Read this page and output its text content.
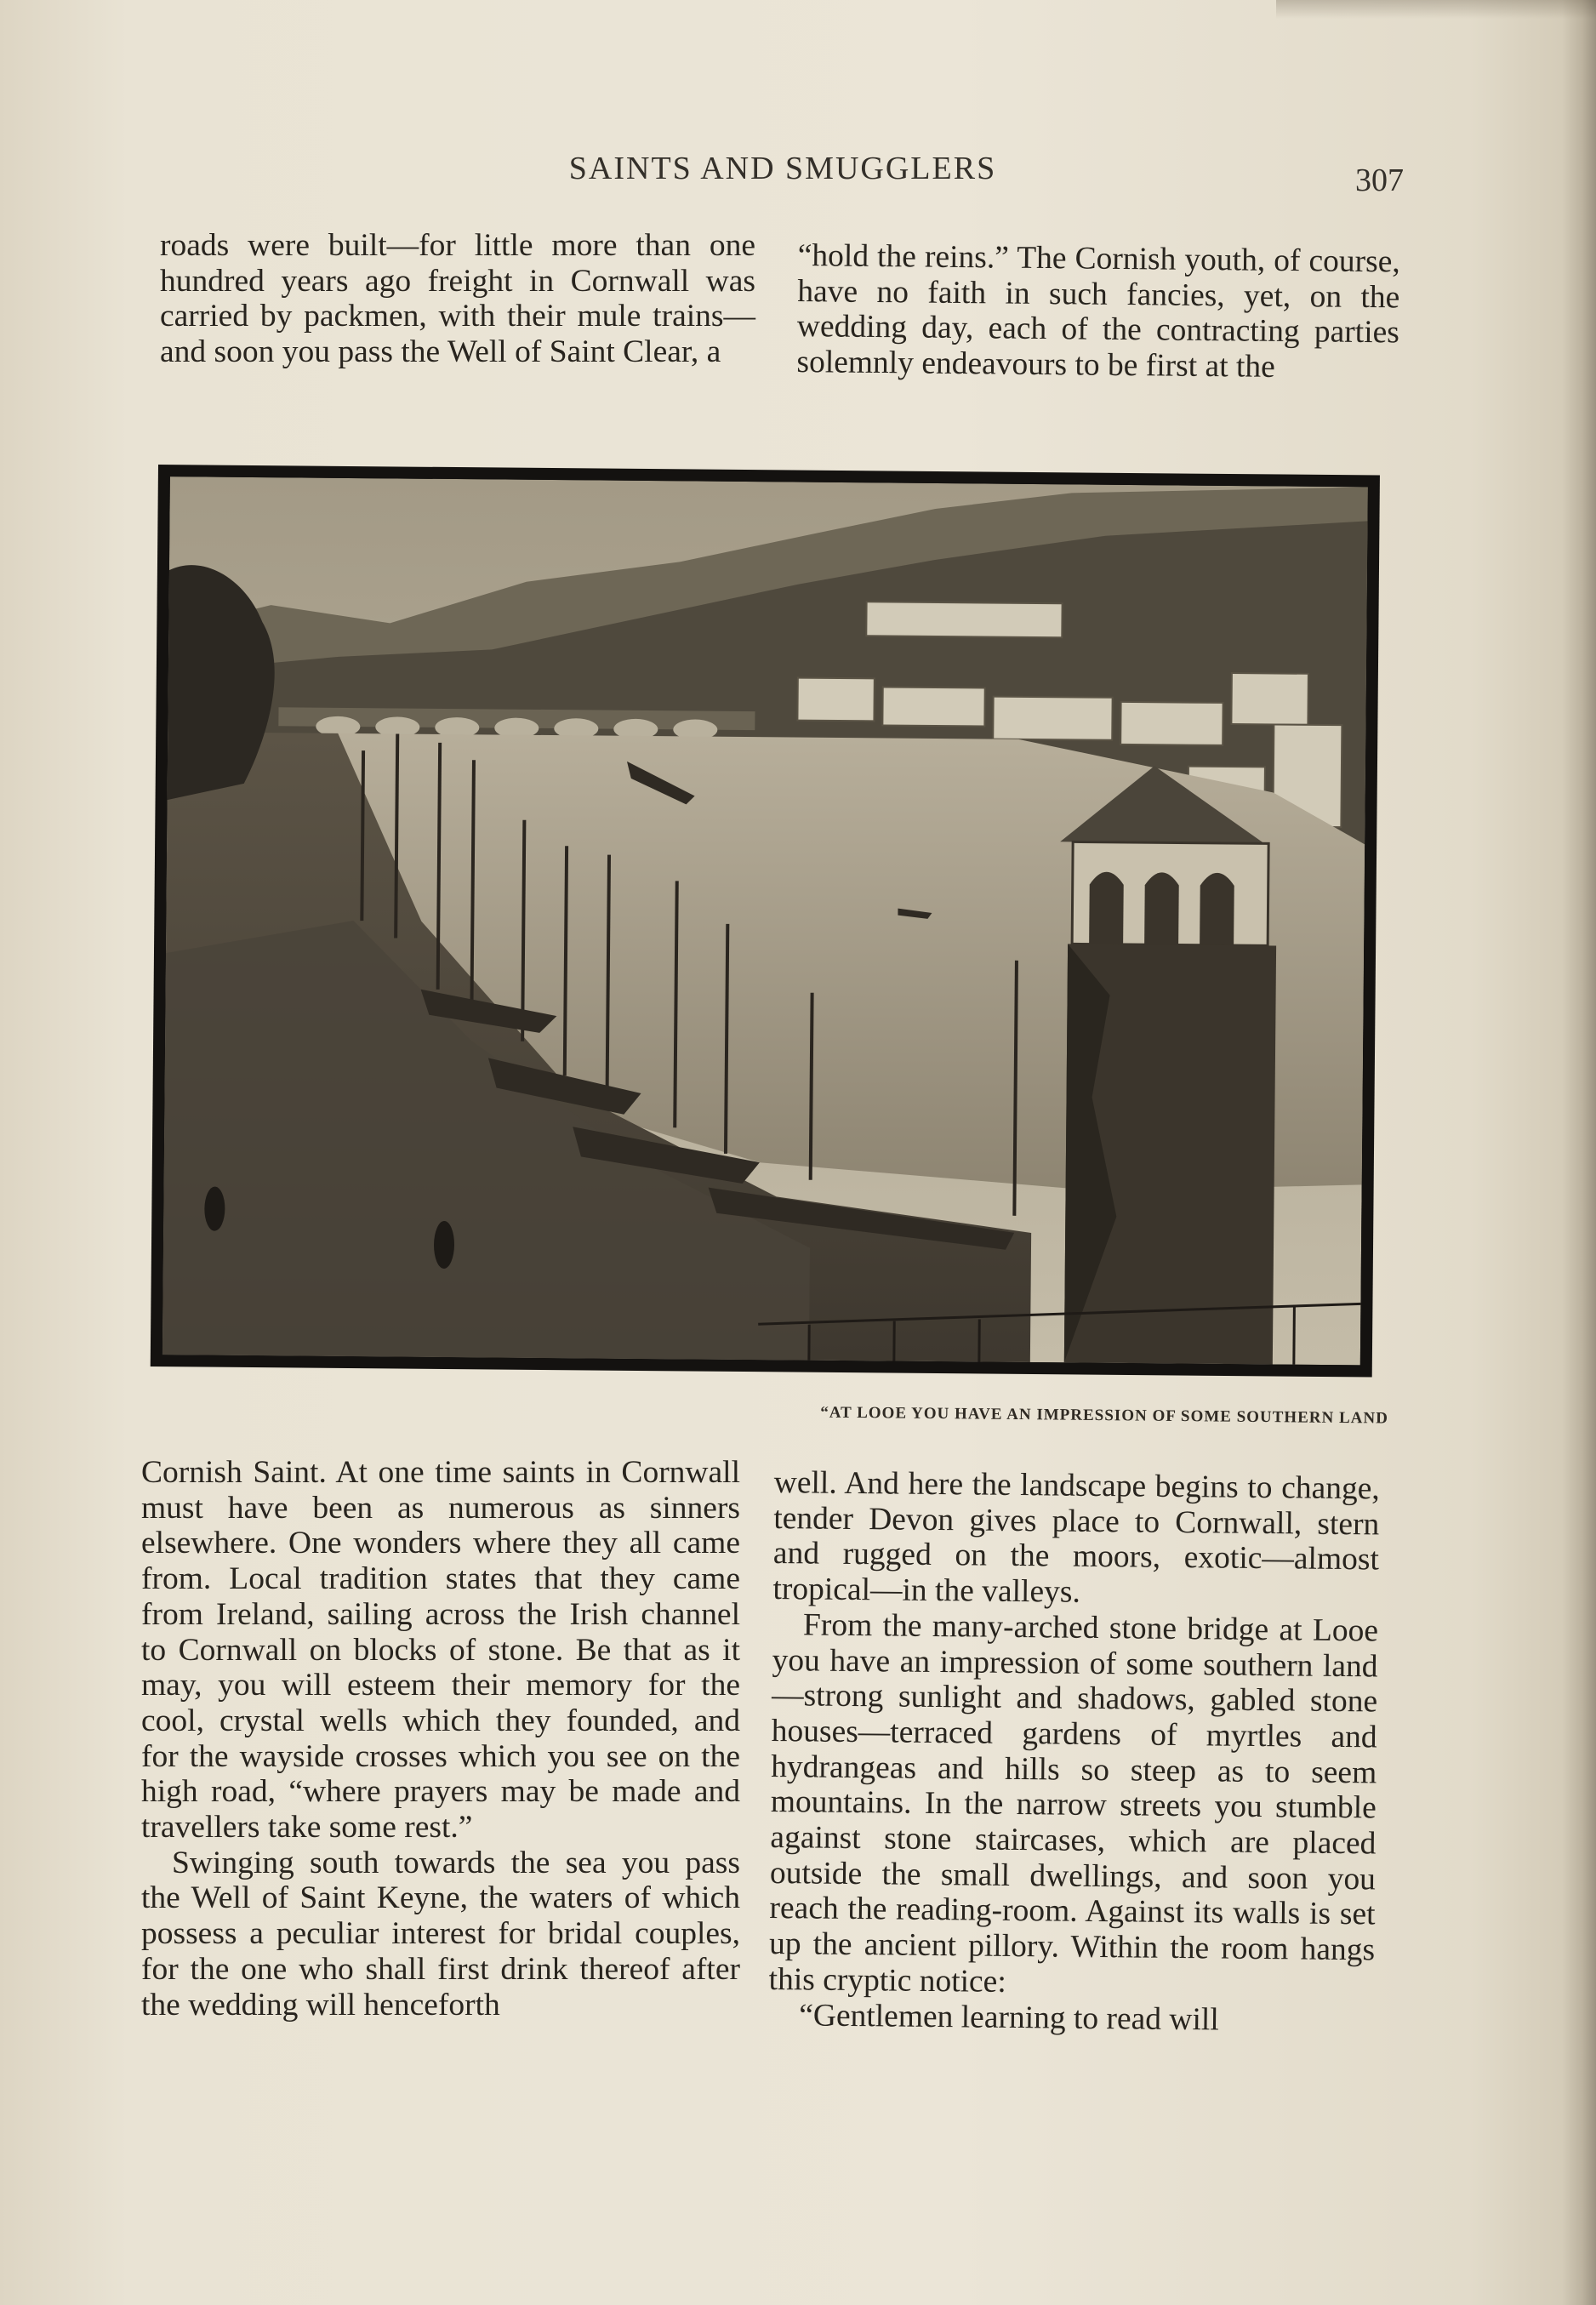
SAINTS AND SMUGGLERS	307

roads were built—for little more than one hundred years ago freight in Cornwall was carried by packmen, with their mule trains—and soon you pass the Well of Saint Clear, a

“hold the reins.” The Cornish youth, of course, have no faith in such fancies, yet, on the wedding day, each of the contracting parties solemnly endeavours to be first at the

“AT LOOE YOU HAVE AN IMPRESSION OF SOME SOUTHERN LAND

Cornish Saint. At one time saints in Cornwall must have been as numerous as sinners elsewhere. One wonders where they all came from. Local tradition states that they came from Ireland, sailing across the Irish channel to Cornwall on blocks of stone. Be that as it may, you will esteem their memory for the cool, crystal wells which they founded, and for the wayside crosses which you see on the high road, “where prayers may be made and travellers take some rest.”

Swinging south towards the sea you pass the Well of Saint Keyne, the waters of which possess a peculiar interest for bridal couples, for the one who shall first drink thereof after the wedding will henceforth

well. And here the landscape begins to change, tender Devon gives place to Cornwall, stern and rugged on the moors, exotic—almost tropical—in the valleys.

From the many-arched stone bridge at Looe you have an impression of some southern land—strong sunlight and shadows, gabled stone houses—terraced gardens of myrtles and hydrangeas and hills so steep as to seem mountains. In the narrow streets you stumble against stone staircases, which are placed outside the small dwellings, and soon you reach the reading-room. Against its walls is set up the ancient pillory. Within the room hangs this cryptic notice:

“Gentlemen learning to read will
